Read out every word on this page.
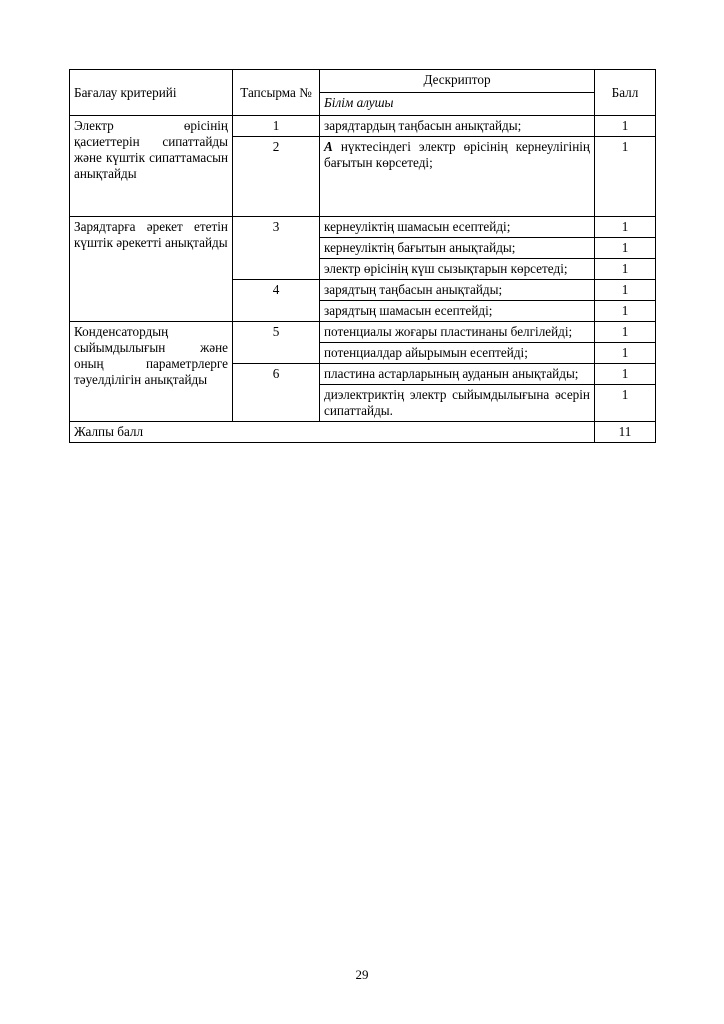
Бағалау критерийі	Тапсырма №	Дескриптор	Балл
		Білім алушы	
Электр өрісінің қасиеттерін сипаттайды және күштік сипаттамасын анықтайды	1	зарядтардың таңбасын анықтайды;	1
	2	А нүктесіндегі электр өрісінің кернеулігінің бағытын көрсетеді;	1
Зарядтарға әрекет ететін күштік әрекетті анықтайды	3	кернеуліктің шамасын есептейді;	1
		кернеуліктің бағытын анықтайды;	1
		электр өрісінің күш сызықтарын көрсетеді;	1
	4	зарядтың таңбасын анықтайды;	1
		зарядтың шамасын есептейді;	1
Конденсатордың сыйымдылығын және оның параметрлерге тәуелділігін анықтайды	5	потенциалы жоғары пластинаны белгілейді;	1
		потенциалдар айырымын есептейді;	1
	6	пластина астарларының ауданын анықтайды;	1
		диэлектриктің электр сыйымдылығына әсерін сипаттайды.	1
Жалпы балл			11
29
